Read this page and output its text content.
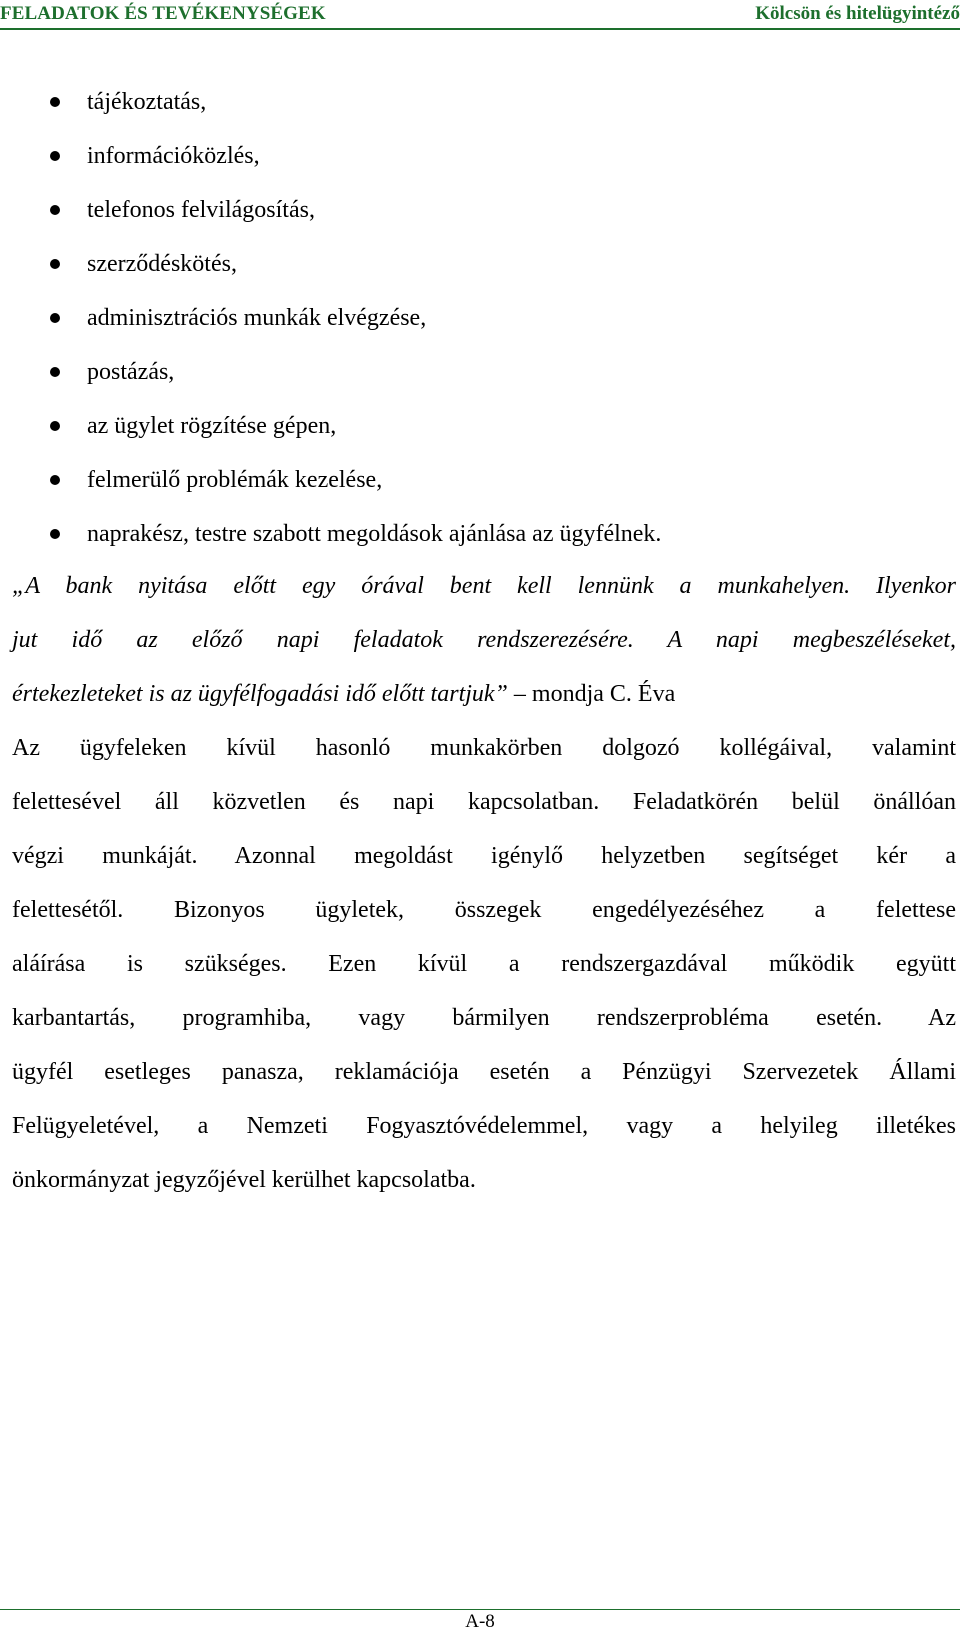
FELADATOK ÉS TEVÉKENYSÉGEK	Kölcsön és hitelügyintéző
tájékoztatás,
információközlés,
telefonos felvilágosítás,
szerződéskötés,
adminisztrációs munkák elvégzése,
postázás,
az ügylet rögzítése gépen,
felmerülő problémák kezelése,
naprakész, testre szabott megoldások ajánlása az ügyfélnek.
„A bank nyitása előtt egy órával bent kell lennünk a munkahelyen. Ilyenkor
jut idő az előző napi feladatok rendszerezésére. A napi megbeszéléseket,
értekezleteket is az ügyfélfogadási idő előtt tartjuk” – mondja C. Éva
Az ügyfeleken kívül hasonló munkakörben dolgozó kollégáival, valamint
felettesével áll közvetlen és napi kapcsolatban. Feladatkörén belül önállóan
végzi munkáját. Azonnal megoldást igénylő helyzetben segítséget kér a
felettesétől. Bizonyos ügyletek, összegek engedélyezéséhez a felettese
aláírása is szükséges. Ezen kívül a rendszergazdával működik együtt
karbantartás, programhiba, vagy bármilyen rendszerprobléma esetén. Az
ügyfél esetleges panasza, reklamációja esetén a Pénzügyi Szervezetek Állami
Felügyeletével, a Nemzeti Fogyasztóvédelemmel, vagy a helyileg illetékes
önkormányzat jegyzőjével kerülhet kapcsolatba.
A-8
